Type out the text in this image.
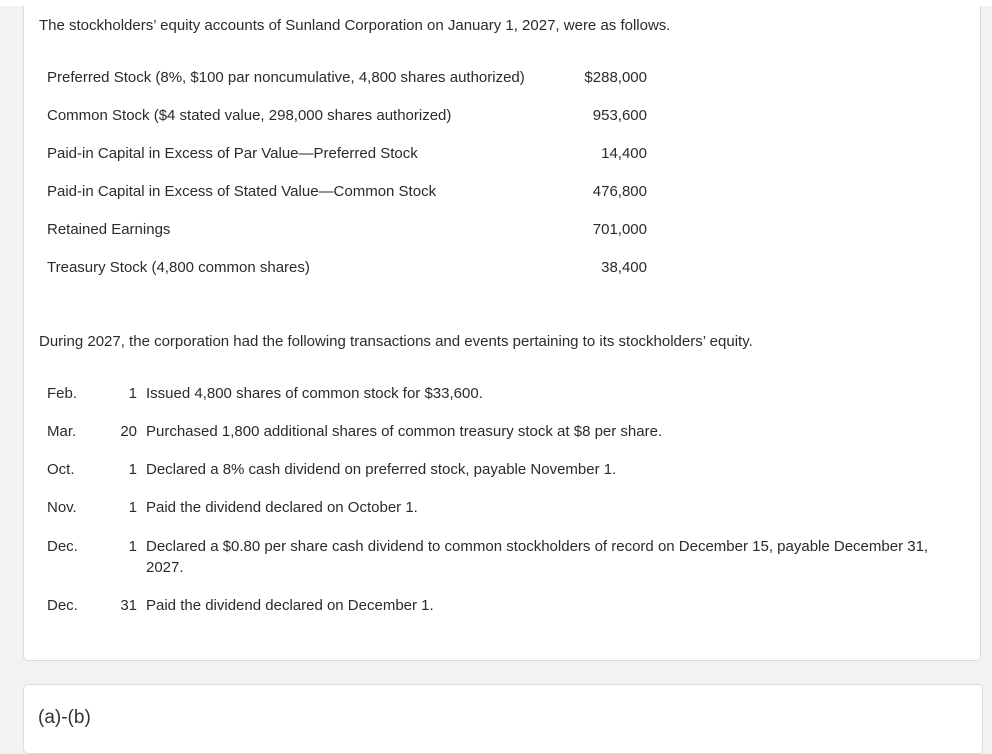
The stockholders’ equity accounts of Sunland Corporation on January 1, 2027, were as follows.

Preferred Stock (8%, $100 par noncumulative, 4,800 shares authorized)	$288,000
Common Stock ($4 stated value, 298,000 shares authorized)	953,600
Paid-in Capital in Excess of Par Value—Preferred Stock	14,400
Paid-in Capital in Excess of Stated Value—Common Stock	476,800
Retained Earnings	701,000
Treasury Stock (4,800 common shares)	38,400

During 2027, the corporation had the following transactions and events pertaining to its stockholders’ equity.

Feb.	1 Issued 4,800 shares of common stock for $33,600.
Mar.	20 Purchased 1,800 additional shares of common treasury stock at $8 per share.
Oct.	1 Declared a 8% cash dividend on preferred stock, payable November 1.
Nov.	1 Paid the dividend declared on October 1.
Dec.	1 Declared a $0.80 per share cash dividend to common stockholders of record on December 15, payable December 31, 2027.
Dec.	31 Paid the dividend declared on December 1.
(a)-(b)
